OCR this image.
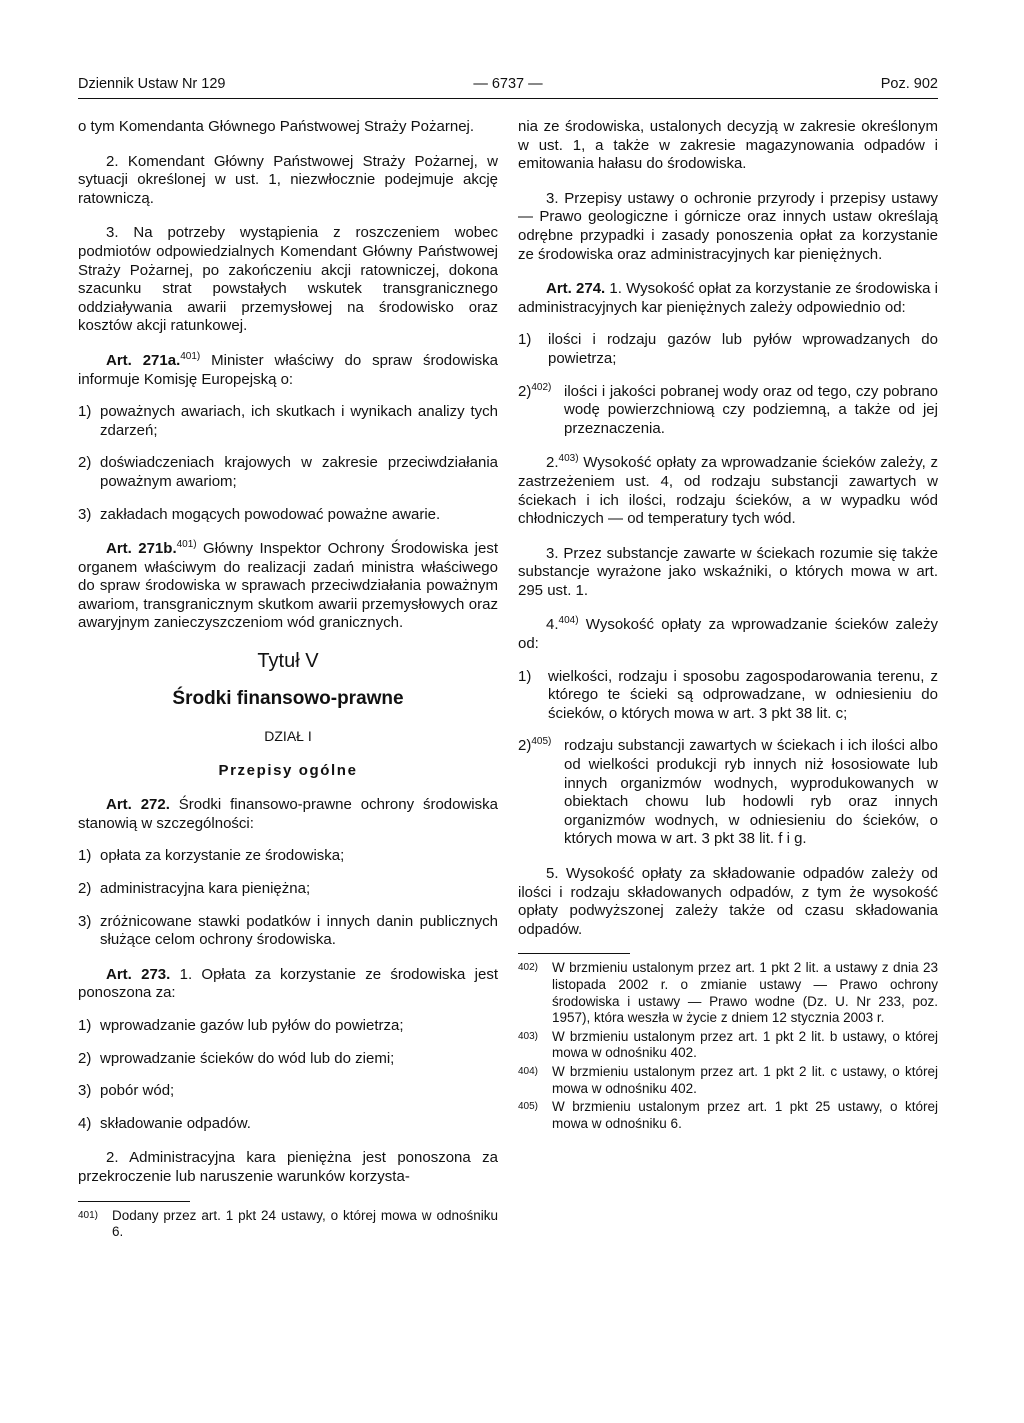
Dziennik Ustaw Nr 129	— 6737 —	Poz. 902

o tym Komendanta Głównego Państwowej Straży Pożarnej.

2. Komendant Główny Państwowej Straży Pożarnej, w sytuacji określonej w ust. 1, niezwłocznie podejmuje akcję ratowniczą.

3. Na potrzeby wystąpienia z roszczeniem wobec podmiotów odpowiedzialnych Komendant Główny Państwowej Straży Pożarnej, po zakończeniu akcji ratowniczej, dokona szacunku strat powstałych wskutek transgranicznego oddziaływania awarii przemysłowej na środowisko oraz kosztów akcji ratunkowej.

Art. 271a.$^{401)}$ Minister właściwy do spraw środowiska informuje Komisję Europejską o:

1) poważnych awariach, ich skutkach i wynikach analizy tych zdarzeń;
2) doświadczeniach krajowych w zakresie przeciwdziałania poważnym awariom;
3) zakładach mogących powodować poważne awarie.

Art. 271b.$^{401)}$ Główny Inspektor Ochrony Środowiska jest organem właściwym do realizacji zadań ministra właściwego do spraw środowiska w sprawach przeciwdziałania poważnym awariom, transgranicznym skutkom awarii przemysłowych oraz awaryjnym zanieczyszczeniom wód granicznych.

Tytuł V
Środki finansowo-prawne
DZIAŁ I
Przepisy ogólne

Art. 272. Środki finansowo-prawne ochrony środowiska stanowią w szczególności:

1) opłata za korzystanie ze środowiska;
2) administracyjna kara pieniężna;
3) zróżnicowane stawki podatków i innych danin publicznych służące celom ochrony środowiska.

Art. 273. 1. Opłata za korzystanie ze środowiska jest ponoszona za:

1) wprowadzanie gazów lub pyłów do powietrza;
2) wprowadzanie ścieków do wód lub do ziemi;
3) pobór wód;
4) składowanie odpadów.

2. Administracyjna kara pieniężna jest ponoszona za przekroczenie lub naruszenie warunków korzysta-

401)	Dodany przez art. 1 pkt 24 ustawy, o której mowa w odnośniku 6.

nia ze środowiska, ustalonych decyzją w zakresie określonym w ust. 1, a także w zakresie magazynowania odpadów i emitowania hałasu do środowiska.

3. Przepisy ustawy o ochronie przyrody i przepisy ustawy — Prawo geologiczne i górnicze oraz innych ustaw określają odrębne przypadki i zasady ponoszenia opłat za korzystanie ze środowiska oraz administracyjnych kar pieniężnych.

Art. 274. 1. Wysokość opłat za korzystanie ze środowiska i administracyjnych kar pieniężnych zależy odpowiednio od:

1)	ilości i rodzaju gazów lub pyłów wprowadzanych do powietrza;
2)$^{402)}$ ilości i jakości pobranej wody oraz od tego, czy pobrano wodę powierzchniową czy podziemną, a także od jej przeznaczenia.

2.$^{403)}$ Wysokość opłaty za wprowadzanie ścieków zależy, z zastrzeżeniem ust. 4, od rodzaju substancji zawartych w ściekach i ich ilości, rodzaju ścieków, a w wypadku wód chłodniczych — od temperatury tych wód.

3. Przez substancje zawarte w ściekach rozumie się także substancje wyrażone jako wskaźniki, o których mowa w art. 295 ust. 1.

4.$^{404)}$ Wysokość opłaty za wprowadzanie ścieków zależy od:

1)	wielkości, rodzaju i sposobu zagospodarowania terenu, z którego te ścieki są odprowadzane, w odniesieniu do ścieków, o których mowa w art. 3 pkt 38 lit. c;
2)$^{405)}$ rodzaju substancji zawartych w ściekach i ich ilości albo od wielkości produkcji ryb innych niż łososiowate lub innych organizmów wodnych, wyprodukowanych w obiektach chowu lub hodowli ryb oraz innych organizmów wodnych, w odniesieniu do ścieków, o których mowa w art. 3 pkt 38 lit. f i g.

5. Wysokość opłaty za składowanie odpadów zależy od ilości i rodzaju składowanych odpadów, z tym że wysokość opłaty podwyższonej zależy także od czasu składowania odpadów.

402)	W brzmieniu ustalonym przez art. 1 pkt 2 lit. a ustawy z dnia 23 listopada 2002 r. o zmianie ustawy — Prawo ochrony środowiska i ustawy — Prawo wodne (Dz. U. Nr 233, poz. 1957), która weszła w życie z dniem 12 stycznia 2003 r.
403)	W brzmieniu ustalonym przez art. 1 pkt 2 lit. b ustawy, o której mowa w odnośniku 402.
404)	W brzmieniu ustalonym przez art. 1 pkt 2 lit. c ustawy, o której mowa w odnośniku 402.
405)	W brzmieniu ustalonym przez art. 1 pkt 25 ustawy, o której mowa w odnośniku 6.
